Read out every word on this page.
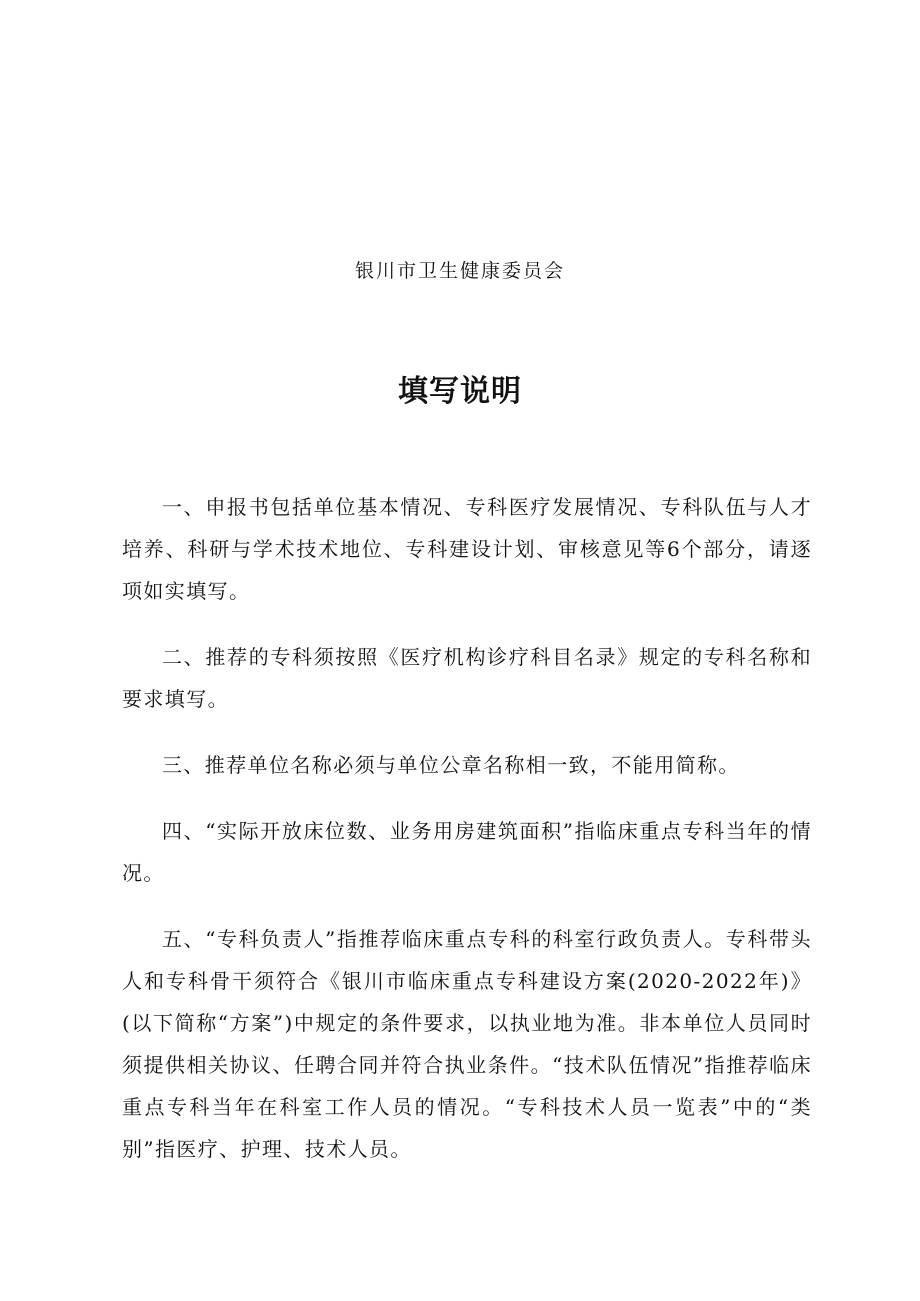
银川市卫生健康委员会

填写说明

一、申报书包括单位基本情况、专科医疗发展情况、专科队伍与人才培养、科研与学术技术地位、专科建设计划、审核意见等6个部分，请逐项如实填写。

二、推荐的专科须按照《医疗机构诊疗科目名录》规定的专科名称和要求填写。

三、推荐单位名称必须与单位公章名称相一致，不能用简称。

四、“实际开放床位数、业务用房建筑面积”指临床重点专科当年的情况。

五、“专科负责人”指推荐临床重点专科的科室行政负责人。专科带头人和专科骨干须符合《银川市临床重点专科建设方案(2020-2022年)》(以下简称“方案”)中规定的条件要求，以执业地为准。非本单位人员同时须提供相关协议、任聘合同并符合执业条件。“技术队伍情况”指推荐临床重点专科当年在科室工作人员的情况。“专科技术人员一览表”中的“类别”指医疗、护理、技术人员。
